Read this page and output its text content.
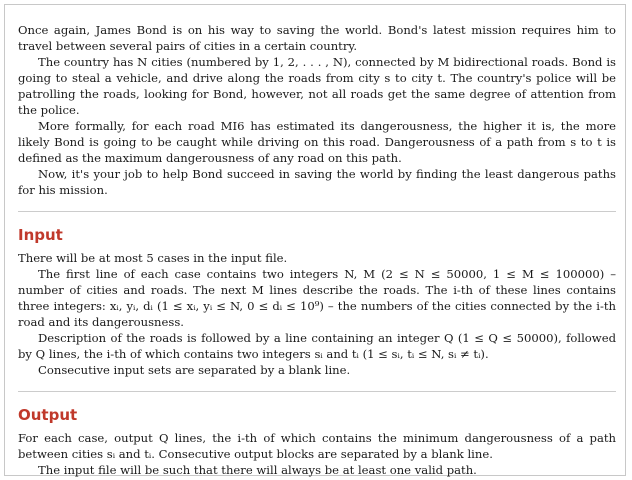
Once again, James Bond is on his way to saving the world. Bond's latest mission requires him to travel between several pairs of cities in a certain country.

The country has N cities (numbered by 1, 2, . . . , N), connected by M bidirectional roads. Bond is going to steal a vehicle, and drive along the roads from city s to city t. The country's police will be patrolling the roads, looking for Bond, however, not all roads get the same degree of attention from the police.

More formally, for each road MI6 has estimated its dangerousness, the higher it is, the more likely Bond is going to be caught while driving on this road. Dangerousness of a path from s to t is defined as the maximum dangerousness of any road on this path.

Now, it's your job to help Bond succeed in saving the world by finding the least dangerous paths for his mission.

Input

There will be at most 5 cases in the input file.

The first line of each case contains two integers N, M (2 ≤ N ≤ 50000, 1 ≤ M ≤ 100000) – number of cities and roads. The next M lines describe the roads. The i-th of these lines contains three integers: xᵢ, yᵢ, dᵢ (1 ≤ xᵢ, yᵢ ≤ N, 0 ≤ dᵢ ≤ 10⁹) – the numbers of the cities connected by the i-th road and its dangerousness.

Description of the roads is followed by a line containing an integer Q (1 ≤ Q ≤ 50000), followed by Q lines, the i-th of which contains two integers sᵢ and tᵢ (1 ≤ sᵢ, tᵢ ≤ N, sᵢ ≠ tᵢ).

Consecutive input sets are separated by a blank line.

Output

For each case, output Q lines, the i-th of which contains the minimum dangerousness of a path between cities sᵢ and tᵢ. Consecutive output blocks are separated by a blank line.

The input file will be such that there will always be at least one valid path.
